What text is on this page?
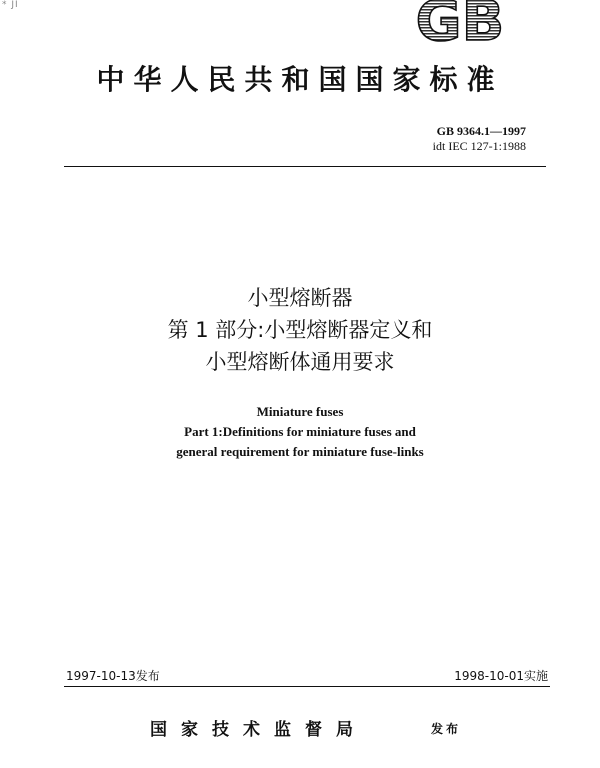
* JI	GB
中华人民共和国国家标准
GB 9364.1—1997
idt IEC 127-1:1988
小型熔断器
第 1 部分:小型熔断器定义和
小型熔断体通用要求
Miniature fuses
Part 1:Definitions for miniature fuses and
general requirement for miniature fuse-links
1997-10-13发布	1998-10-01实施
国家技术监督局	发布
